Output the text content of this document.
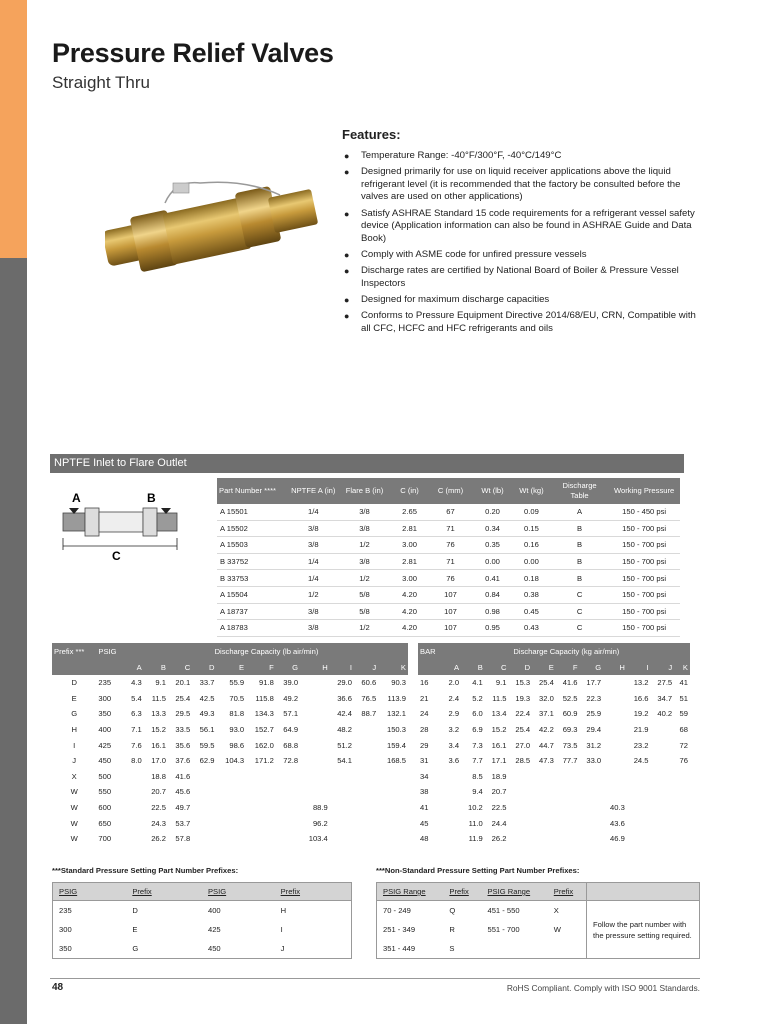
Pressure Relief Valves
Straight Thru
Features:
● Temperature Range: -40°F/300°F, -40°C/149°C
● Designed primarily for use on liquid receiver applications above the liquid refrigerant level (it is recommended that the factory be consulted before the valves are used on other applications)
● Satisfy ASHRAE Standard 15 code requirements for a refrigerant vessel safety device (Application information can also be found in ASHRAE Guide and Data Book)
● Comply with ASME code for unfired pressure vessels
● Discharge rates are certified by National Board of Boiler & Pressure Vessel Inspectors
● Designed for maximum discharge capacities
● Conforms to Pressure Equipment Directive 2014/68/EU, CRN, Compatible with all CFC, HCFC and HFC refrigerants and oils
NPTFE Inlet to Flare Outlet
A	B
C
Part Number ****	NPTFE A (in)	Flare B (in)	C (in)	C (mm)	Wt (lb)	Wt (kg)	Discharge Table	Working Pressure
A 15501	1/4	3/8	2.65	67	0.20	0.09	A	150 - 450 psi
A 15502	3/8	3/8	2.81	71	0.34	0.15	B	150 - 700 psi
A 15503	3/8	1/2	3.00	76	0.35	0.16	B	150 - 700 psi
B 33752	1/4	3/8	2.81	71	0.00	0.00	B	150 - 700 psi
B 33753	1/4	1/2	3.00	76	0.41	0.18	B	150 - 700 psi
A 15504	1/2	5/8	4.20	107	0.84	0.38	C	150 - 700 psi
A 18737	3/8	5/8	4.20	107	0.98	0.45	C	150 - 700 psi
A 18783	3/8	1/2	4.20	107	0.95	0.43	C	150 - 700 psi
Prefix ***	PSIG	Discharge Capacity (lb air/min)										
		A	B	C	D	E	F	G	H	I	J	K
D	235	4.3	9.1	20.1	33.7	55.9	91.8	39.0		29.0	60.6	90.3
E	300	5.4	11.5	25.4	42.5	70.5	115.8	49.2		36.6	76.5	113.9
G	350	6.3	13.3	29.5	49.3	81.8	134.3	57.1		42.4	88.7	132.1
H	400	7.1	15.2	33.5	56.1	93.0	152.7	64.9		48.2		150.3
I	425	7.6	16.1	35.6	59.5	98.6	162.0	68.8		51.2		159.4
J	450	8.0	17.0	37.6	62.9	104.3	171.2	72.8		54.1		168.5
X	500		18.8	41.6								
W	550		20.7	45.6								
W	600		22.5	49.7					88.9			
W	650		24.3	53.7					96.2			
W	700		26.2	57.8					103.4			
BAR	Discharge Capacity (kg air/min)										
	A	B	C	D	E	F	G	H	I	J	K
16	2.0	4.1	9.1	15.3	25.4	41.6	17.7		13.2	27.5	41
21	2.4	5.2	11.5	19.3	32.0	52.5	22.3		16.6	34.7	51
24	2.9	6.0	13.4	22.4	37.1	60.9	25.9		19.2	40.2	59
28	3.2	6.9	15.2	25.4	42.2	69.3	29.4		21.9		68
29	3.4	7.3	16.1	27.0	44.7	73.5	31.2		23.2		72
31	3.6	7.7	17.1	28.5	47.3	77.7	33.0		24.5		76
34		8.5	18.9								
38		9.4	20.7								
41		10.2	22.5					40.3			
45		11.0	24.4					43.6			
48		11.9	26.2					46.9			
***Standard Pressure Setting Part Number Prefixes:
PSIG	Prefix	PSIG	Prefix
235	D	400	H
300	E	425	I
350	G	450	J
***Non-Standard Pressure Setting Part Number Prefixes:
PSIG Range	Prefix	PSIG Range	Prefix	
70 - 249	Q	451 - 550	X	Follow the part number with the pressure setting required.
251 - 349	R	551 - 700	W	
351 - 449	S			
48	RoHS Compliant. Comply with ISO 9001 Standards.
